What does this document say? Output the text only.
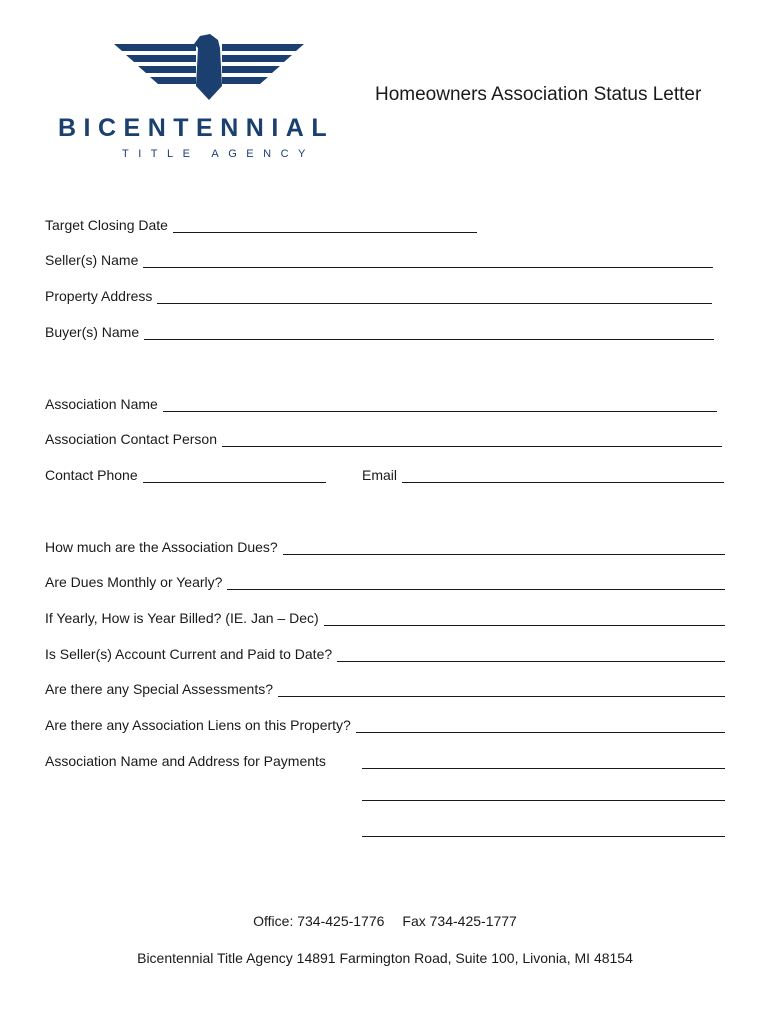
BICENTENNIAL
TITLE AGENCY
Homeowners Association Status Letter
Target Closing Date
Seller(s) Name
Property Address
Buyer(s) Name
Association Name
Association Contact Person
Contact Phone	Email
How much are the Association Dues?
Are Dues Monthly or Yearly?
If Yearly, How is Year Billed? (IE. Jan – Dec)
Is Seller(s) Account Current and Paid to Date?
Are there any Special Assessments?
Are there any Association Liens on this Property?
Association Name and Address for Payments
Office: 734-425-1776 Fax 734-425-1777
Bicentennial Title Agency 14891 Farmington Road, Suite 100, Livonia, MI 48154
